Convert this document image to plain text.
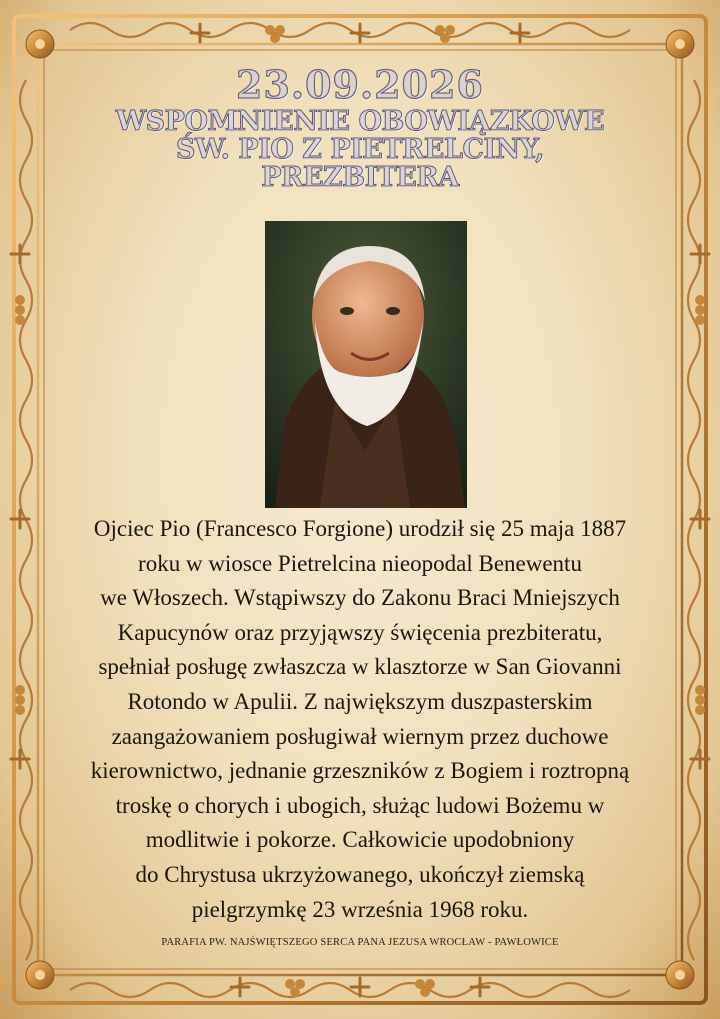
23.09.2026
WSPOMNIENIE OBOWIĄZKOWE
ŚW. PIO Z PIETRELCINY,
PREZBITERA
Ojciec Pio (Francesco Forgione) urodził się 25 maja 1887
roku w wiosce Pietrelcina nieopodal Benewentu
we Włoszech. Wstąpiwszy do Zakonu Braci Mniejszych
Kapucynów oraz przyjąwszy święcenia prezbiteratu,
spełniał posługę zwłaszcza w klasztorze w San Giovanni
Rotondo w Apulii. Z największym duszpasterskim
zaangażowaniem posługiwał wiernym przez duchowe
kierownictwo, jednanie grzeszników z Bogiem i roztropną
troskę o chorych i ubogich, służąc ludowi Bożemu w
modlitwie i pokorze. Całkowicie upodobniony
do Chrystusa ukrzyżowanego, ukończył ziemską
pielgrzymkę 23 września 1968 roku.
PARAFIA PW. NAJŚWIĘTSZEGO SERCA PANA JEZUSA WROCŁAW - PAWŁOWICE
